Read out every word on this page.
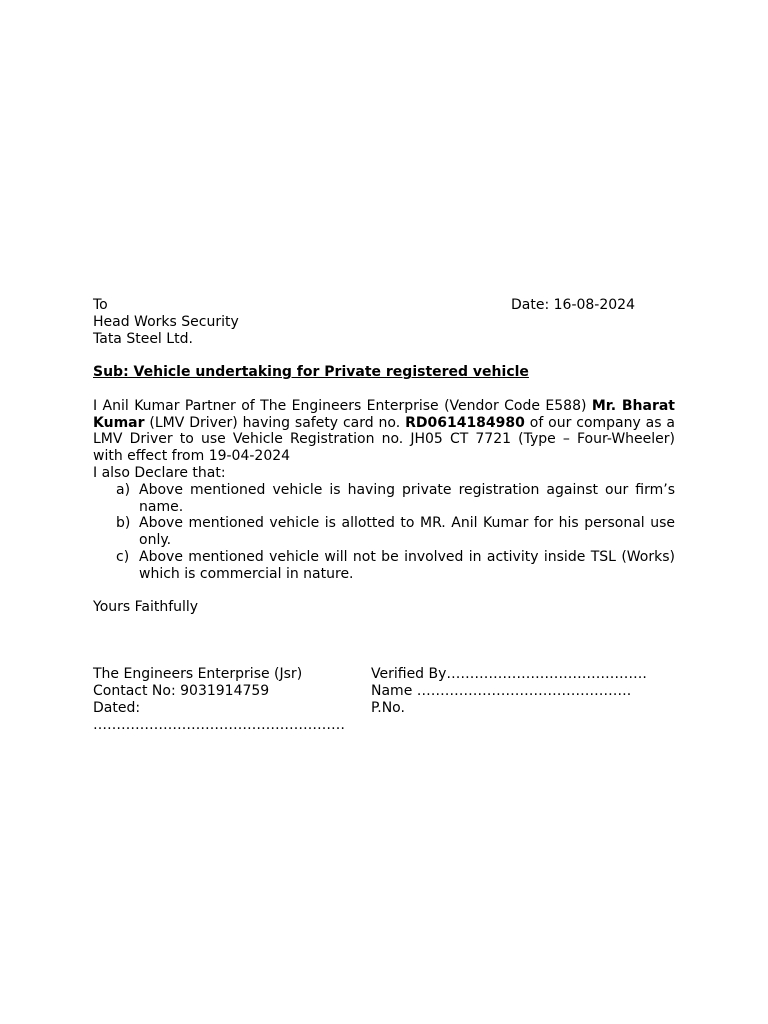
To	Date: 16-08-2024
Head Works Security
Tata Steel Ltd.
Sub: Vehicle undertaking for Private registered vehicle
I Anil Kumar Partner of The Engineers Enterprise (Vendor Code E588) Mr. Bharat Kumar (LMV Driver) having safety card no. RD0614184980 of our company as a LMV Driver to use Vehicle Registration no. JH05 CT 7721 (Type – Four-Wheeler) with effect from 19-04-2024
I also Declare that:
a) Above mentioned vehicle is having private registration against our firm’s name.
b) Above mentioned vehicle is allotted to MR. Anil Kumar for his personal use only.
c) Above mentioned vehicle will not be involved in activity inside TSL (Works) which is commercial in nature.
Yours Faithfully
The Engineers Enterprise (Jsr)
Contact No: 9031914759
Dated:
………………………………………………
Verified By…………………………………….
Name ……………………………………….
P.No.
